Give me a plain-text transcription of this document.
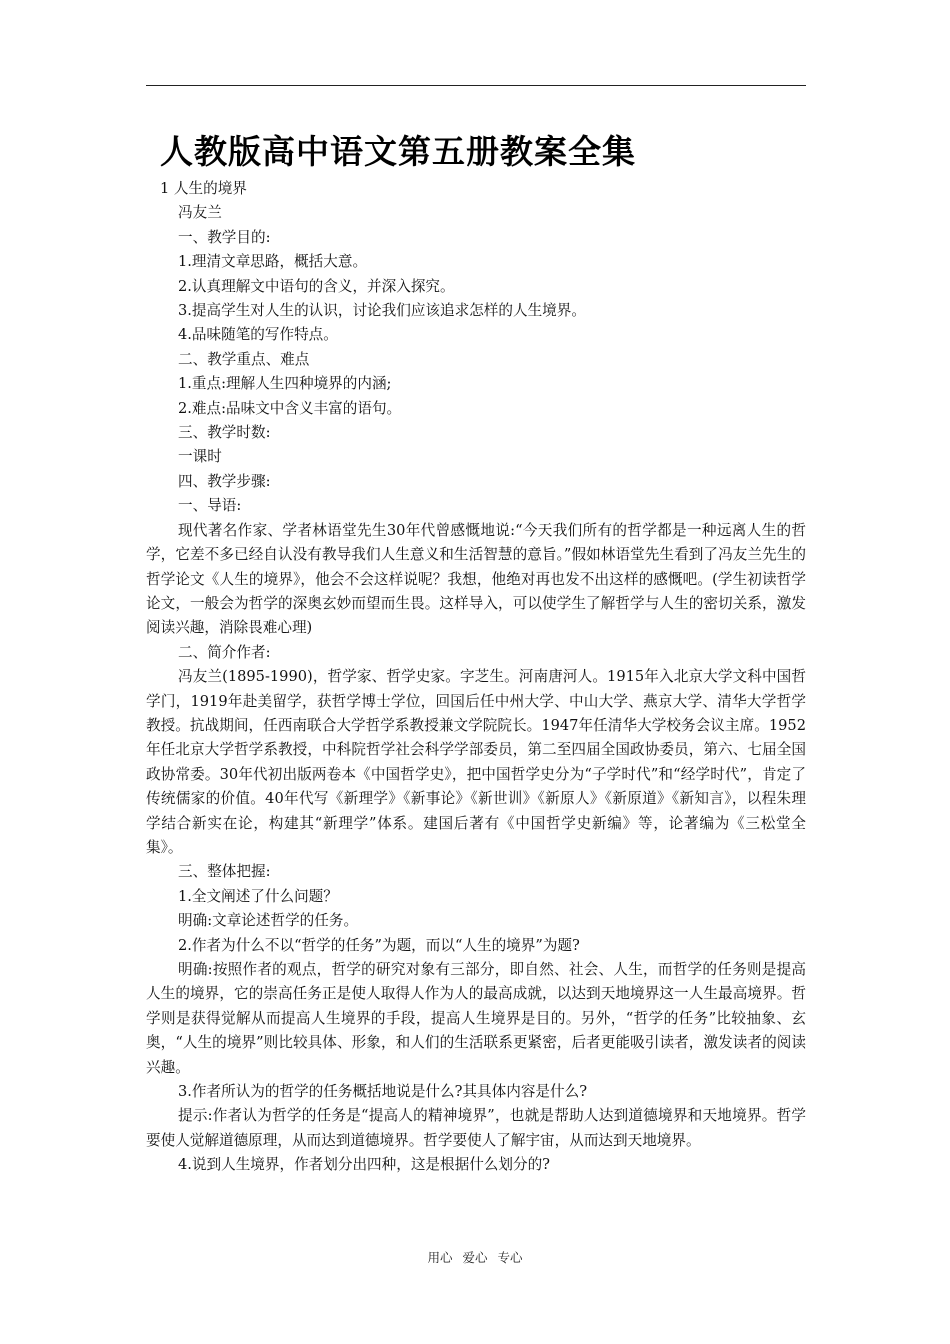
人教版高中语文第五册教案全集

1 人生的境界

冯友兰

一、教学目的:

1.理清文章思路，概括大意。

2.认真理解文中语句的含义，并深入探究。

3.提高学生对人生的认识，讨论我们应该追求怎样的人生境界。

4.品味随笔的写作特点。

二、教学重点、难点

1.重点:理解人生四种境界的内涵;

2.难点:品味文中含义丰富的语句。

三、教学时数:

一课时

四、教学步骤:

一、导语:

现代著名作家、学者林语堂先生30年代曾感慨地说:“今天我们所有的哲学都是一种远离人生的哲学，它差不多已经自认没有教导我们人生意义和生活智慧的意旨。”假如林语堂先生看到了冯友兰先生的哲学论文《人生的境界》，他会不会这样说呢？我想，他绝对再也发不出这样的感慨吧。(学生初读哲学论文，一般会为哲学的深奥玄妙而望而生畏。这样导入，可以使学生了解哲学与人生的密切关系，激发阅读兴趣，消除畏难心理)

二、简介作者:

冯友兰(1895-1990)，哲学家、哲学史家。字芝生。河南唐河人。1915年入北京大学文科中国哲学门，1919年赴美留学，获哲学博士学位，回国后任中州大学、中山大学、燕京大学、清华大学哲学教授。抗战期间，任西南联合大学哲学系教授兼文学院院长。1947年任清华大学校务会议主席。1952年任北京大学哲学系教授，中科院哲学社会科学学部委员，第二至四届全国政协委员，第六、七届全国政协常委。30年代初出版两卷本《中国哲学史》，把中国哲学史分为“子学时代”和“经学时代”，肯定了传统儒家的价值。40年代写《新理学》《新事论》《新世训》《新原人》《新原道》《新知言》，以程朱理学结合新实在论，构建其“新理学”体系。建国后著有《中国哲学史新编》等，论著编为《三松堂全集》。

三、整体把握:

1.全文阐述了什么问题？

明确:文章论述哲学的任务。

2.作者为什么不以“哲学的任务”为题，而以“人生的境界”为题?

明确:按照作者的观点，哲学的研究对象有三部分，即自然、社会、人生，而哲学的任务则是提高人生的境界，它的崇高任务正是使人取得人作为人的最高成就，以达到天地境界这一人生最高境界。哲学则是获得觉解从而提高人生境界的手段，提高人生境界是目的。另外，“哲学的任务”比较抽象、玄奥，“人生的境界”则比较具体、形象，和人们的生活联系更紧密，后者更能吸引读者，激发读者的阅读兴趣。

3.作者所认为的哲学的任务概括地说是什么?其具体内容是什么?

提示:作者认为哲学的任务是“提高人的精神境界”，也就是帮助人达到道德境界和天地境界。哲学要使人觉解道德原理，从而达到道德境界。哲学要使人了解宇宙，从而达到天地境界。

4.说到人生境界，作者划分出四种，这是根据什么划分的?

用心 爱心 专心
